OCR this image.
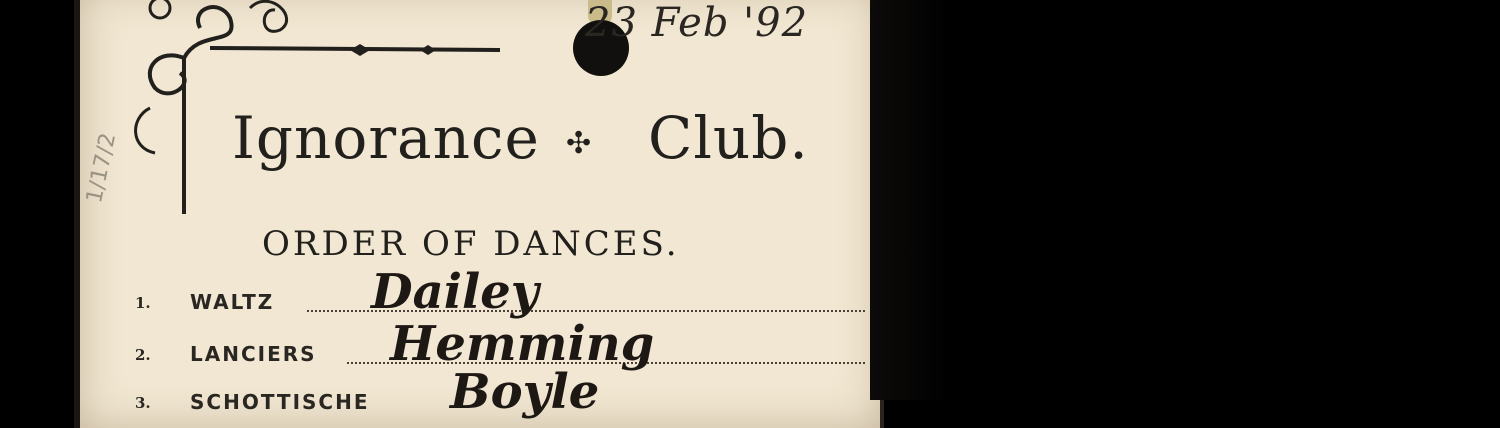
23 Feb '92

Ignorance ✣ Club.

ORDER OF DANCES.

1/17/2

1. WALTZ Dailey
2. LANCIERS Hemming
3. SCHOTTISCHE Boyle
